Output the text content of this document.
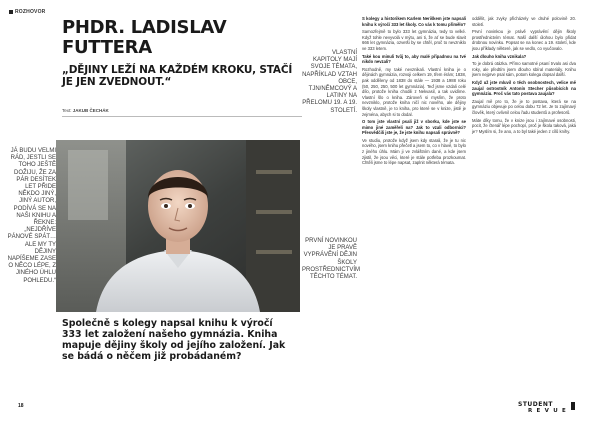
ROZHOVOR
PHDR. LADISLAV
FUTTERA
„DĚJINY LEŽÍ NA KAŽDÉM KROKU, STAČÍ JE JEN ZVEDNOUT.“
Text: JAKUB ČECHÁK
JÁ BUDU VELMI RÁD, JESTLI SE TOHO JEŠTĚ DOŽIJU, ŽE ZA PÁR DESÍTEK LET PŘIDE NĚKDO JINÝ, JINÝ AUTOR, PODÍVÁ SE NA NAŠI KNIHU A ŘEKNE: „NEJDŘÍVE PÁNOVÉ SPÁT… ALE MY TY DĚJINY NAPÍŠEME ZASE O NĚCO LÉPE, Z JINÉHO ÚHLU POHLEDU.“
Společně s kolegy napsal knihu k výročí 333 let založení našeho gymnázia. Kniha mapuje dějiny školy od jejího založení. Jak se bádá o něčem již probádaném?
18
VLASTNÍ KAPITOLY MAJÍ SVOJE TÉMATA, NAPŘÍKLAD VZTAH OBCE, TJN/NĚMCOVÝ A LATINY NA PŘELOMU 19. A 19. STOLETÍ.
PRVNÍ NOVINKOU JE PRAVĚ VYPRÁVĚNÍ DĚJIN ŠKOLY PROSTŘEDNICTVÍM TĚCHTO TÉMAT.

S kolegy a historikem Karlem Neriškem jste napsali knihu k výročí 333 let školy. Co vás k tomu přimělo?

Samozřejmě to bylo 333 let gymnázia, tedy to velké. Když tohle nevyvolá v mýtu, ani ti, že ať se bude slavit 666 let gymnázia, ozvetši by se chtěl, proč to nevzniklo ve 333 letem.

Také kou minuli tvůj to, aby malé připadnou na tvé nikdo nevzali?

Rozhodně, my také nevznikali. Vlastní kniha je o dějinách gymnázia, rozvoji celkem 19, třem érám; 1838, pak odděleny od 1838 do stále — 1938 a 1988 roku (50, 250, 250, 500 let gymnázia). Teď jsme vzdali celé dílo, protože kniha chodili z Nekvasil, a tak uvidíme. Vlastní šlo o kniha. Zároveň si myslím, že proto nevzniklo, protože kniha ničí nic nového, ale dějiny školy vlastně, je to kniha, pro které se v knize, jistě je zejména, abych si to dodal.

O tom jste vlastní psali již v sborku, kde jste se mimo jiné zaměřeli na? Jak to vzali odborníci? Přesvědčili jste je, že jste knihu napsali správně?

Ve studiu, protože když jsem kdy starali, že je tu nic nového, jsem knihu přečetl a jsem to, co v hlavě, to bylo z jiného úhlu. Mám ji ve zvláštním dané, a kde jsem zjistil, že jsou věci, které je stále potřeba prozkoumat. Chtěli jsme to lépe napsat, zaplnit některá témata.

oddělit, jak zvyky přicházely ve druhé polovině 20. století.

První novinkou je právě vyprávění dějin školy prostřednictvím témat. Naší další úlohou bylo přidat drobnou novinku. Popsat se na konec a 19. století, kde jsou příklady některé, jak se vedlo, co vyučovalo.

Jak dlouho kniha vznikala?

To je dobrá otázka. Přímo samotné psaní trvalo asi dva roky, ale předtím jsem dlouho sbíral materiály. Knihu jsem nejprve psal sám, potom kolega dopsal další.

Když už jste mluvil o těch osobnostech, velice mě zaujal ostrostník Antonín Stecher působících na gymnáziu. Proč vás tato postava zaujala?

Zaujal mě pro to, že je to postava, která se na gymnáziu objevuje po celou dobu 72 let. Je to zajímavý člověk, který ovlivnil celou řadu studentů a profesorů.

Máte díky tomu, že v knize jsou i zajímavé osobnosti, pocit, že čtenář lépe pochopí, proč je škola taková, jaká je? Myslím si, že ano, a to byl také jeden z cílů knihy.

STUDENT
R E V U E
